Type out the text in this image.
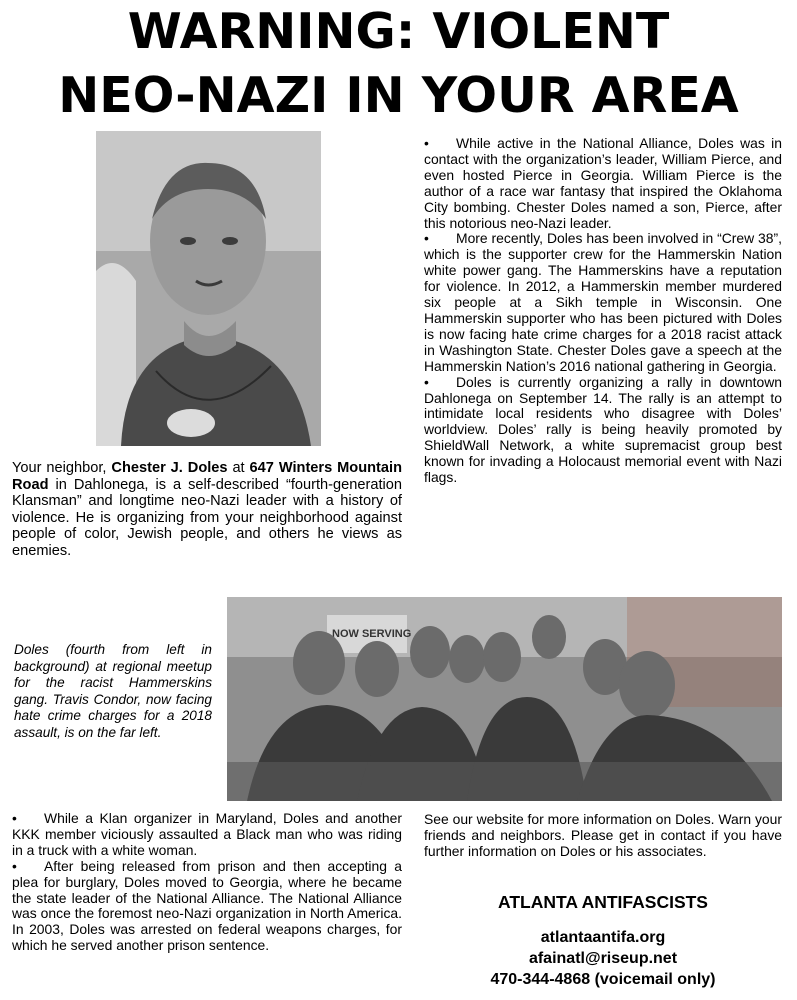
WARNING: VIOLENT
NEO-NAZI IN YOUR AREA
Your neighbor, Chester J. Doles at 647 Winters Mountain Road in Dahlonega, is a self-described “fourth-generation Klansman” and longtime neo-Nazi leader with a history of violence. He is organizing from your neighborhood against people of color, Jewish people, and others he views as enemies.

• While active in the National Alliance, Doles was in contact with the organization’s leader, William Pierce, and even hosted Pierce in Georgia. William Pierce is the author of a race war fantasy that inspired the Oklahoma City bombing. Chester Doles named a son, Pierce, after this notorious neo-Nazi leader.

• More recently, Doles has been involved in “Crew 38”, which is the supporter crew for the Hammerskin Nation white power gang. The Hammerskins have a reputation for violence. In 2012, a Hammerskin member murdered six people at a Sikh temple in Wisconsin. One Hammerskin supporter who has been pictured with Doles is now facing hate crime charges for a 2018 racist attack in Washington State. Chester Doles gave a speech at the Hammerskin Nation’s 2016 national gathering in Georgia.

• Doles is currently organizing a rally in downtown Dahlonega on September 14. The rally is an attempt to intimidate local residents who disagree with Doles’ worldview. Doles’ rally is being heavily promoted by ShieldWall Network, a white supremacist group best known for invading a Holocaust memorial event with Nazi flags.

Doles (fourth from left in background) at regional meetup for the racist Hammerskins gang. Travis Condor, now facing hate crime charges for a 2018 assault, is on the far left.
NOW SERVING

• While a Klan organizer in Maryland, Doles and another KKK member viciously assaulted a Black man who was riding in a truck with a white woman.

• After being released from prison and then accepting a plea for burglary, Doles moved to Georgia, where he became the state leader of the National Alliance. The National Alliance was once the foremost neo-Nazi organization in North America. In 2003, Doles was arrested on federal weapons charges, for which he served another prison sentence.

See our website for more information on Doles. Warn your friends and neighbors. Please get in contact if you have further information on Doles or his associates.
ATLANTA ANTIFASCISTS
atlantaantifa.org
afainatl@riseup.net
470-344-4868 (voicemail only)
